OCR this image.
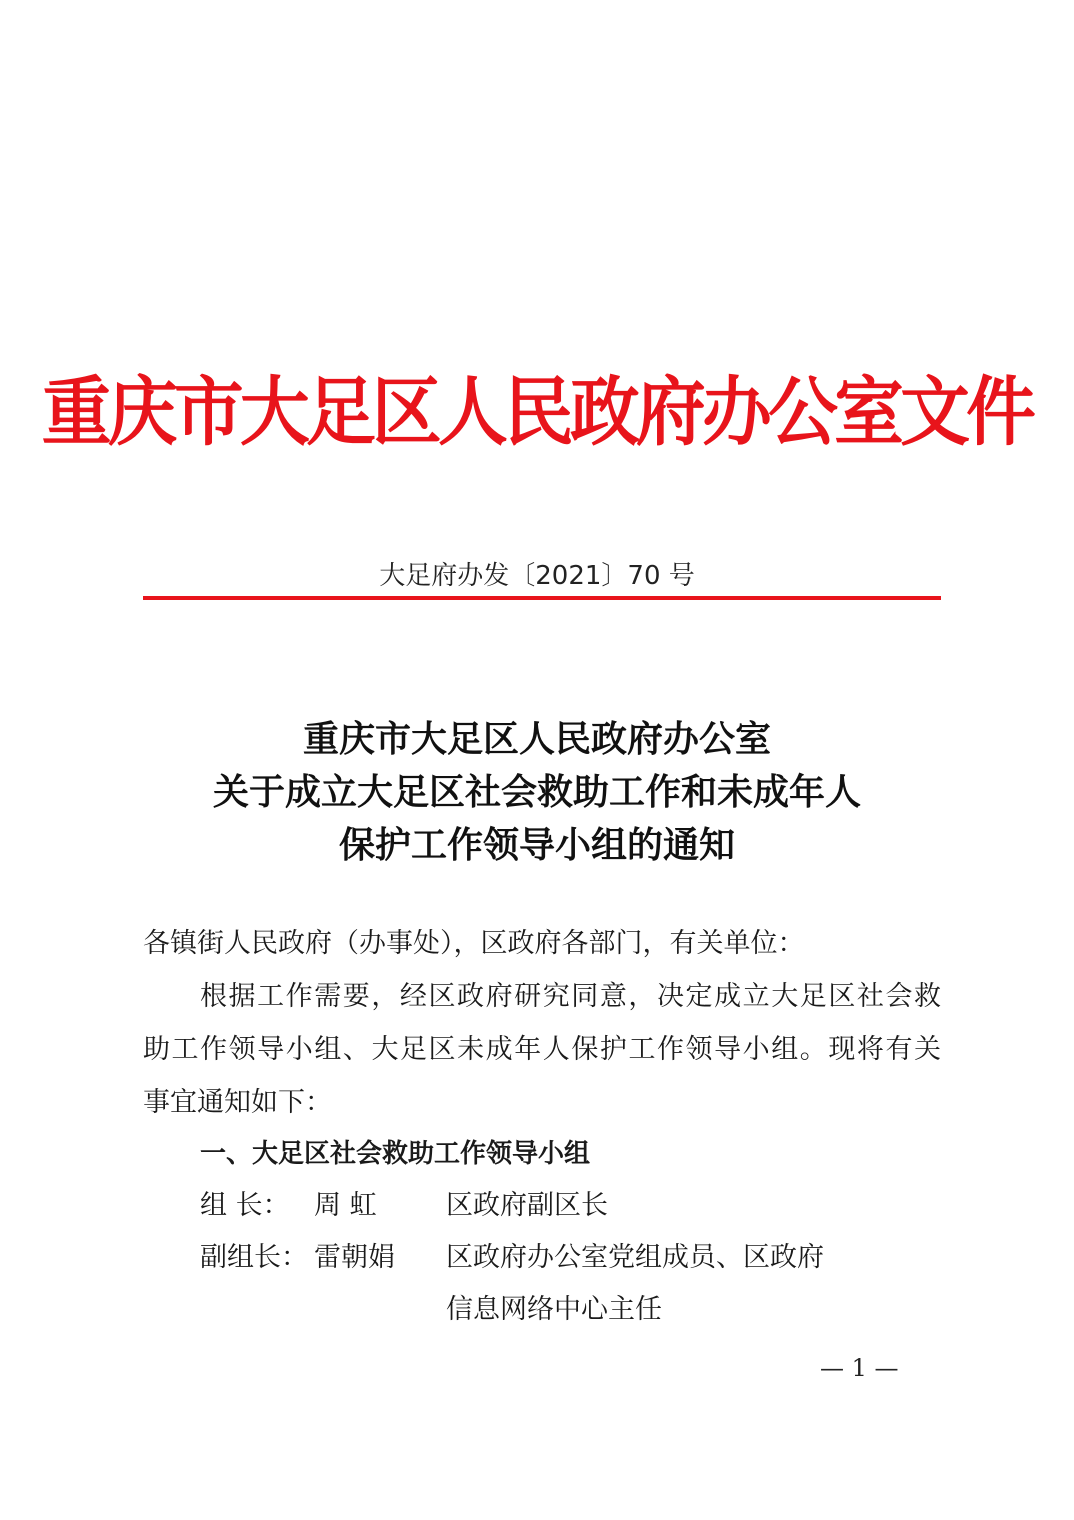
重庆市大足区人民政府办公室文件
大足府办发〔2021〕70 号
重庆市大足区人民政府办公室
关于成立大足区社会救助工作和未成年人
保护工作领导小组的通知
各镇街人民政府（办事处），区政府各部门，有关单位：
根据工作需要，经区政府研究同意，决定成立大足区社会救
助工作领导小组、大足区未成年人保护工作领导小组。现将有关
事宜通知如下：
一、大足区社会救助工作领导小组
组 长： 周 虹	区政府副区长
副组长： 雷朝娟 区政府办公室党组成员、区政府
信息网络中心主任
— 1 —
